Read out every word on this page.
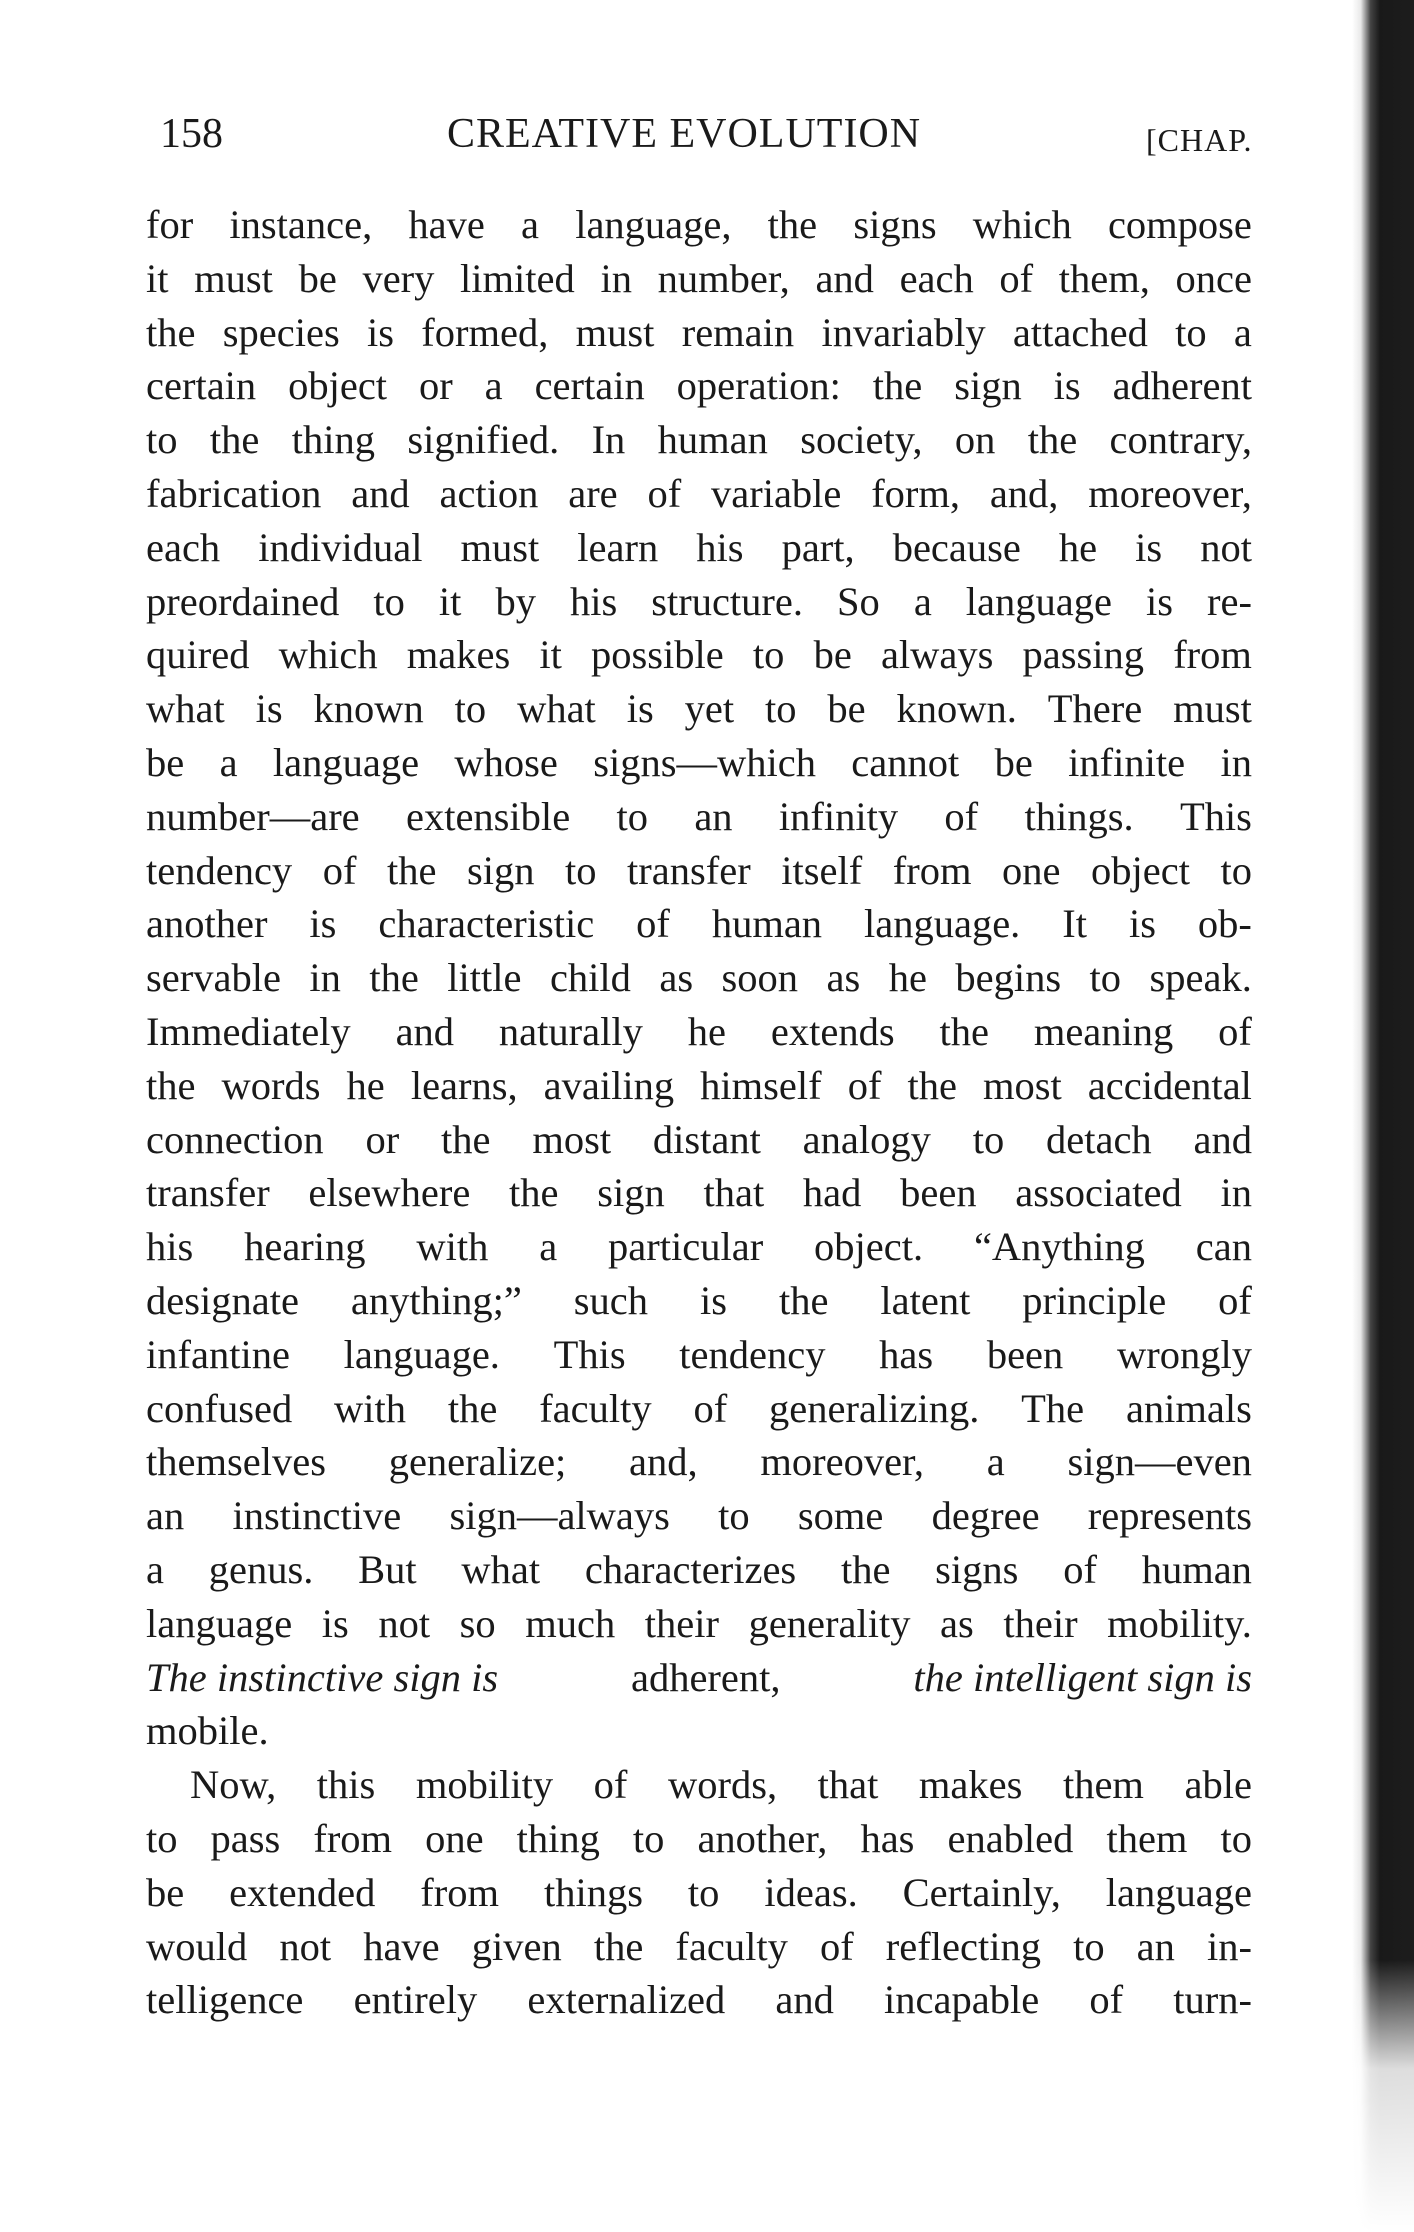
158	CREATIVE EVOLUTION	[CHAP.
for instance, have a language, the signs which compose
it must be very limited in number, and each of them, once
the species is formed, must remain invariably attached to a
certain object or a certain operation: the sign is adherent
to the thing signified. In human society, on the contrary,
fabrication and action are of variable form, and, moreover,
each individual must learn his part, because he is not
preordained to it by his structure. So a language is re-
quired which makes it possible to be always passing from
what is known to what is yet to be known. There must
be a language whose signs—which cannot be infinite in
number—are extensible to an infinity of things. This
tendency of the sign to transfer itself from one object to
another is characteristic of human language. It is ob-
servable in the little child as soon as he begins to speak.
Immediately and naturally he extends the meaning of
the words he learns, availing himself of the most accidental
connection or the most distant analogy to detach and
transfer elsewhere the sign that had been associated in
his hearing with a particular object. “Anything can
designate anything;” such is the latent principle of
infantine language. This tendency has been wrongly
confused with the faculty of generalizing. The animals
themselves generalize; and, moreover, a sign—even
an instinctive sign—always to some degree represents
a genus. But what characterizes the signs of human
language is not so much their generality as their mobility.
The instinctive sign is	adherent,	the intelligent sign is
mobile.
Now, this mobility of words, that makes them able
to pass from one thing to another, has enabled them to
be extended from things to ideas. Certainly, language
would not have given the faculty of reflecting to an in-
telligence entirely externalized and incapable of turn-
